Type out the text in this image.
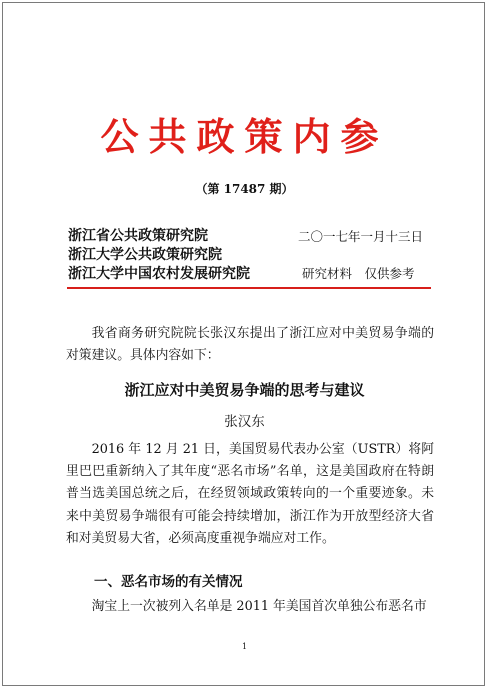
公共政策内参
（第 17487 期）
浙江省公共政策研究院
浙江大学公共政策研究院
浙江大学中国农村发展研究院
二〇一七年一月十三日
研究材料　仅供参考
我省商务研究院院长张汉东提出了浙江应对中美贸易争端的对策建议。具体内容如下：
浙江应对中美贸易争端的思考与建议
张汉东
2016 年 12 月 21 日，美国贸易代表办公室（USTR）将阿里巴巴重新纳入了其年度“恶名市场”名单，这是美国政府在特朗普当选美国总统之后，在经贸领域政策转向的一个重要迹象。未来中美贸易争端很有可能会持续增加，浙江作为开放型经济大省和对美贸易大省，必须高度重视争端应对工作。
一、恶名市场的有关情况
淘宝上一次被列入名单是 2011 年美国首次单独公布恶名市
1
